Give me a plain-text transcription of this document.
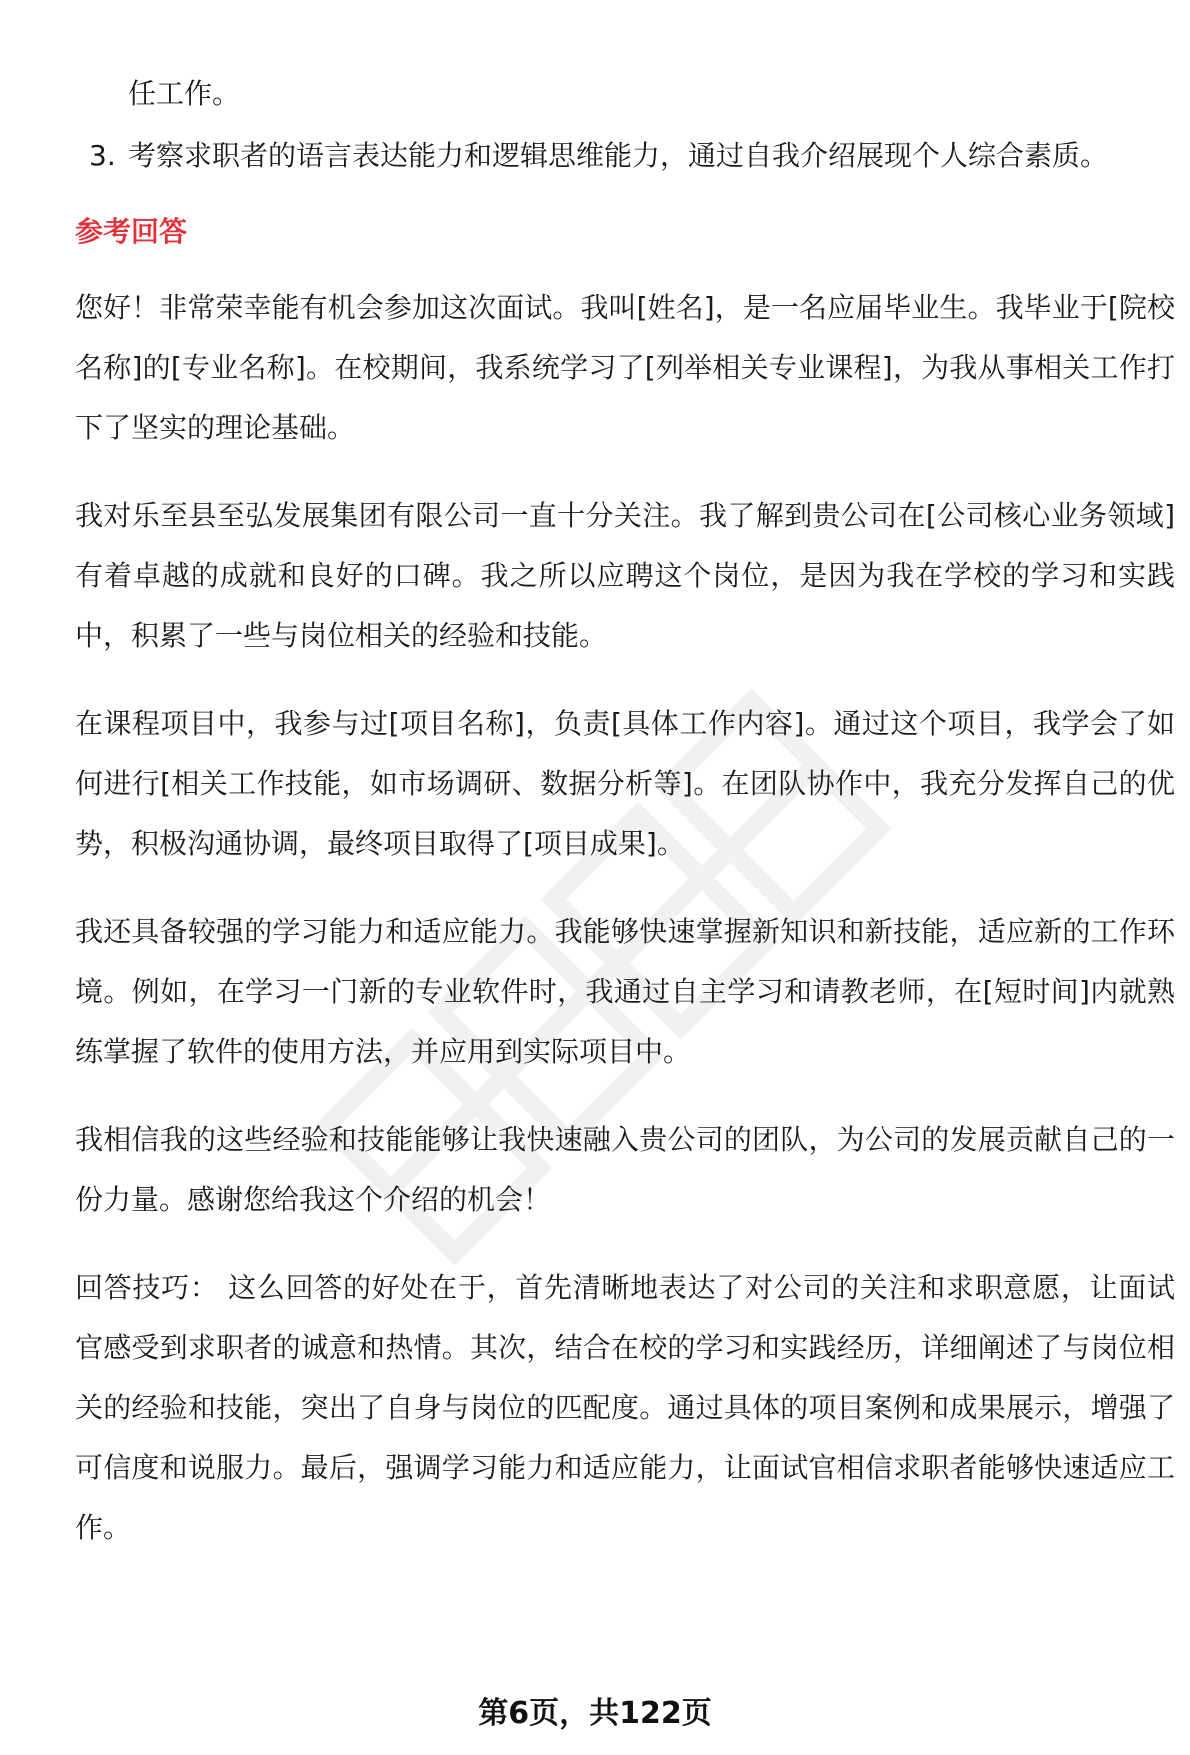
任工作。
3. 考察求职者的语言表达能力和逻辑思维能力，通过自我介绍展现个人综合素质。
参考回答

您好！非常荣幸能有机会参加这次面试。我叫[姓名]，是一名应届毕业生。我毕业于[院校名称]的[专业名称]。在校期间，我系统学习了[列举相关专业课程]，为我从事相关工作打下了坚实的理论基础。

我对乐至县至弘发展集团有限公司一直十分关注。我了解到贵公司在[公司核心业务领域]有着卓越的成就和良好的口碑。我之所以应聘这个岗位，是因为我在学校的学习和实践中，积累了一些与岗位相关的经验和技能。

在课程项目中，我参与过[项目名称]，负责[具体工作内容]。通过这个项目，我学会了如何进行[相关工作技能，如市场调研、数据分析等]。在团队协作中，我充分发挥自己的优势，积极沟通协调，最终项目取得了[项目成果]。

我还具备较强的学习能力和适应能力。我能够快速掌握新知识和新技能，适应新的工作环境。例如，在学习一门新的专业软件时，我通过自主学习和请教老师，在[短时间]内就熟练掌握了软件的使用方法，并应用到实际项目中。

我相信我的这些经验和技能能够让我快速融入贵公司的团队，为公司的发展贡献自己的一份力量。感谢您给我这个介绍的机会！

回答技巧： 这么回答的好处在于，首先清晰地表达了对公司的关注和求职意愿，让面试官感受到求职者的诚意和热情。其次，结合在校的学习和实践经历，详细阐述了与岗位相关的经验和技能，突出了自身与岗位的匹配度。通过具体的项目案例和成果展示，增强了可信度和说服力。最后，强调学习能力和适应能力，让面试官相信求职者能够快速适应工作。

第6页，共122页
